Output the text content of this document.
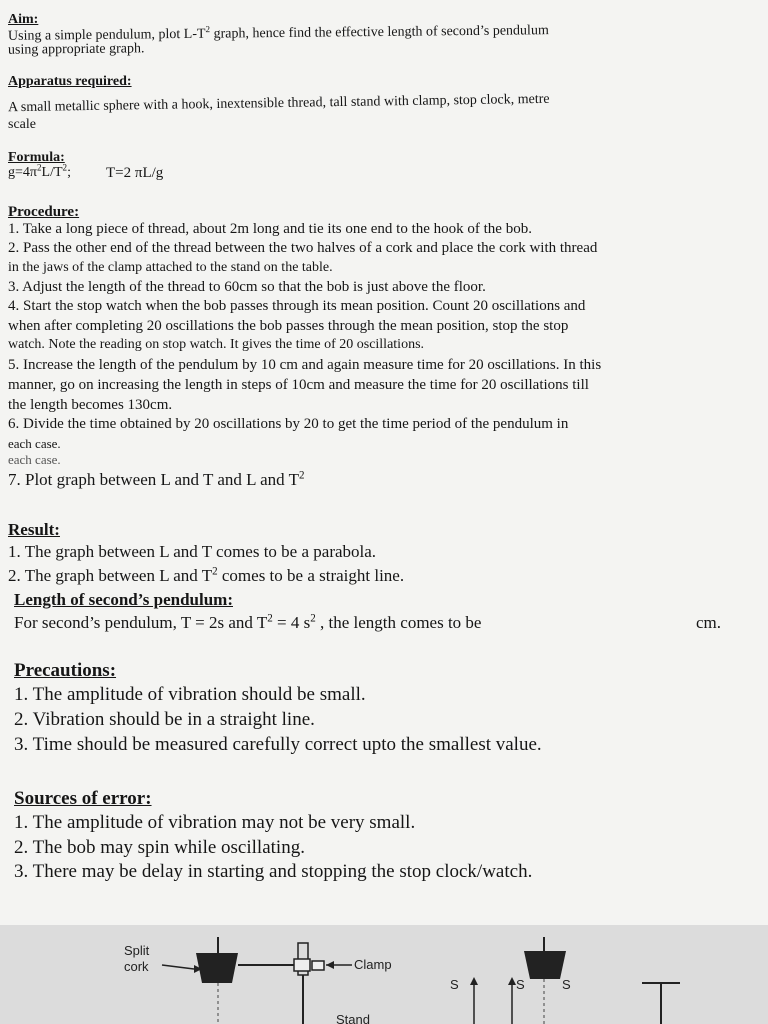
Aim:
Using a simple pendulum, plot $L-T^2$ graph, hence find the effective length of second’s pendulum
using appropriate graph.
Apparatus required:
A small metallic sphere with a hook, inextensible thread, tall stand with clamp, stop clock, metre
scale
Formula:
$g=4\pi^2L/T^2$; T=2 πL/g
Procedure:
1. Take a long piece of thread, about 2m long and tie its one end to the hook of the bob.
2. Pass the other end of the thread between the two halves of a cork and place the cork with thread
in the jaws of the clamp attached to the stand on the table.
3. Adjust the length of the thread to 60cm so that the bob is just above the floor.
4. Start the stop watch when the bob passes through its mean position. Count 20 oscillations and
when after completing 20 oscillations the bob passes through the mean position, stop the stop
watch. Note the reading on stop watch. It gives the time of 20 oscillations.
5. Increase the length of the pendulum by 10 cm and again measure time for 20 oscillations. In this
manner, go on increasing the length in steps of 10cm and measure the time for 20 oscillations till
the length becomes 130cm.
6. Divide the time obtained by 20 oscillations by 20 to get the time period of the pendulum in
each case.
each case.
7. Plot graph between L and T and L and $T^2$
Result:
1. The graph between L and T comes to be a parabola.
2. The graph between L and $T^2$ comes to be a straight line.
Length of second’s pendulum:
For second’s pendulum, T = 2s and $T^2 = 4$ $s^2$ , the length comes to be	cm.
Precautions:
1. The amplitude of vibration should be small.
2. Vibration should be in a straight line.
3. Time should be measured carefully correct upto the smallest value.
Sources of error:
1. The amplitude of vibration may not be very small.
2. The bob may spin while oscillating.
3. There may be delay in starting and stopping the stop clock/watch.
Split
cork	Clamp
Stand
S	S	S
